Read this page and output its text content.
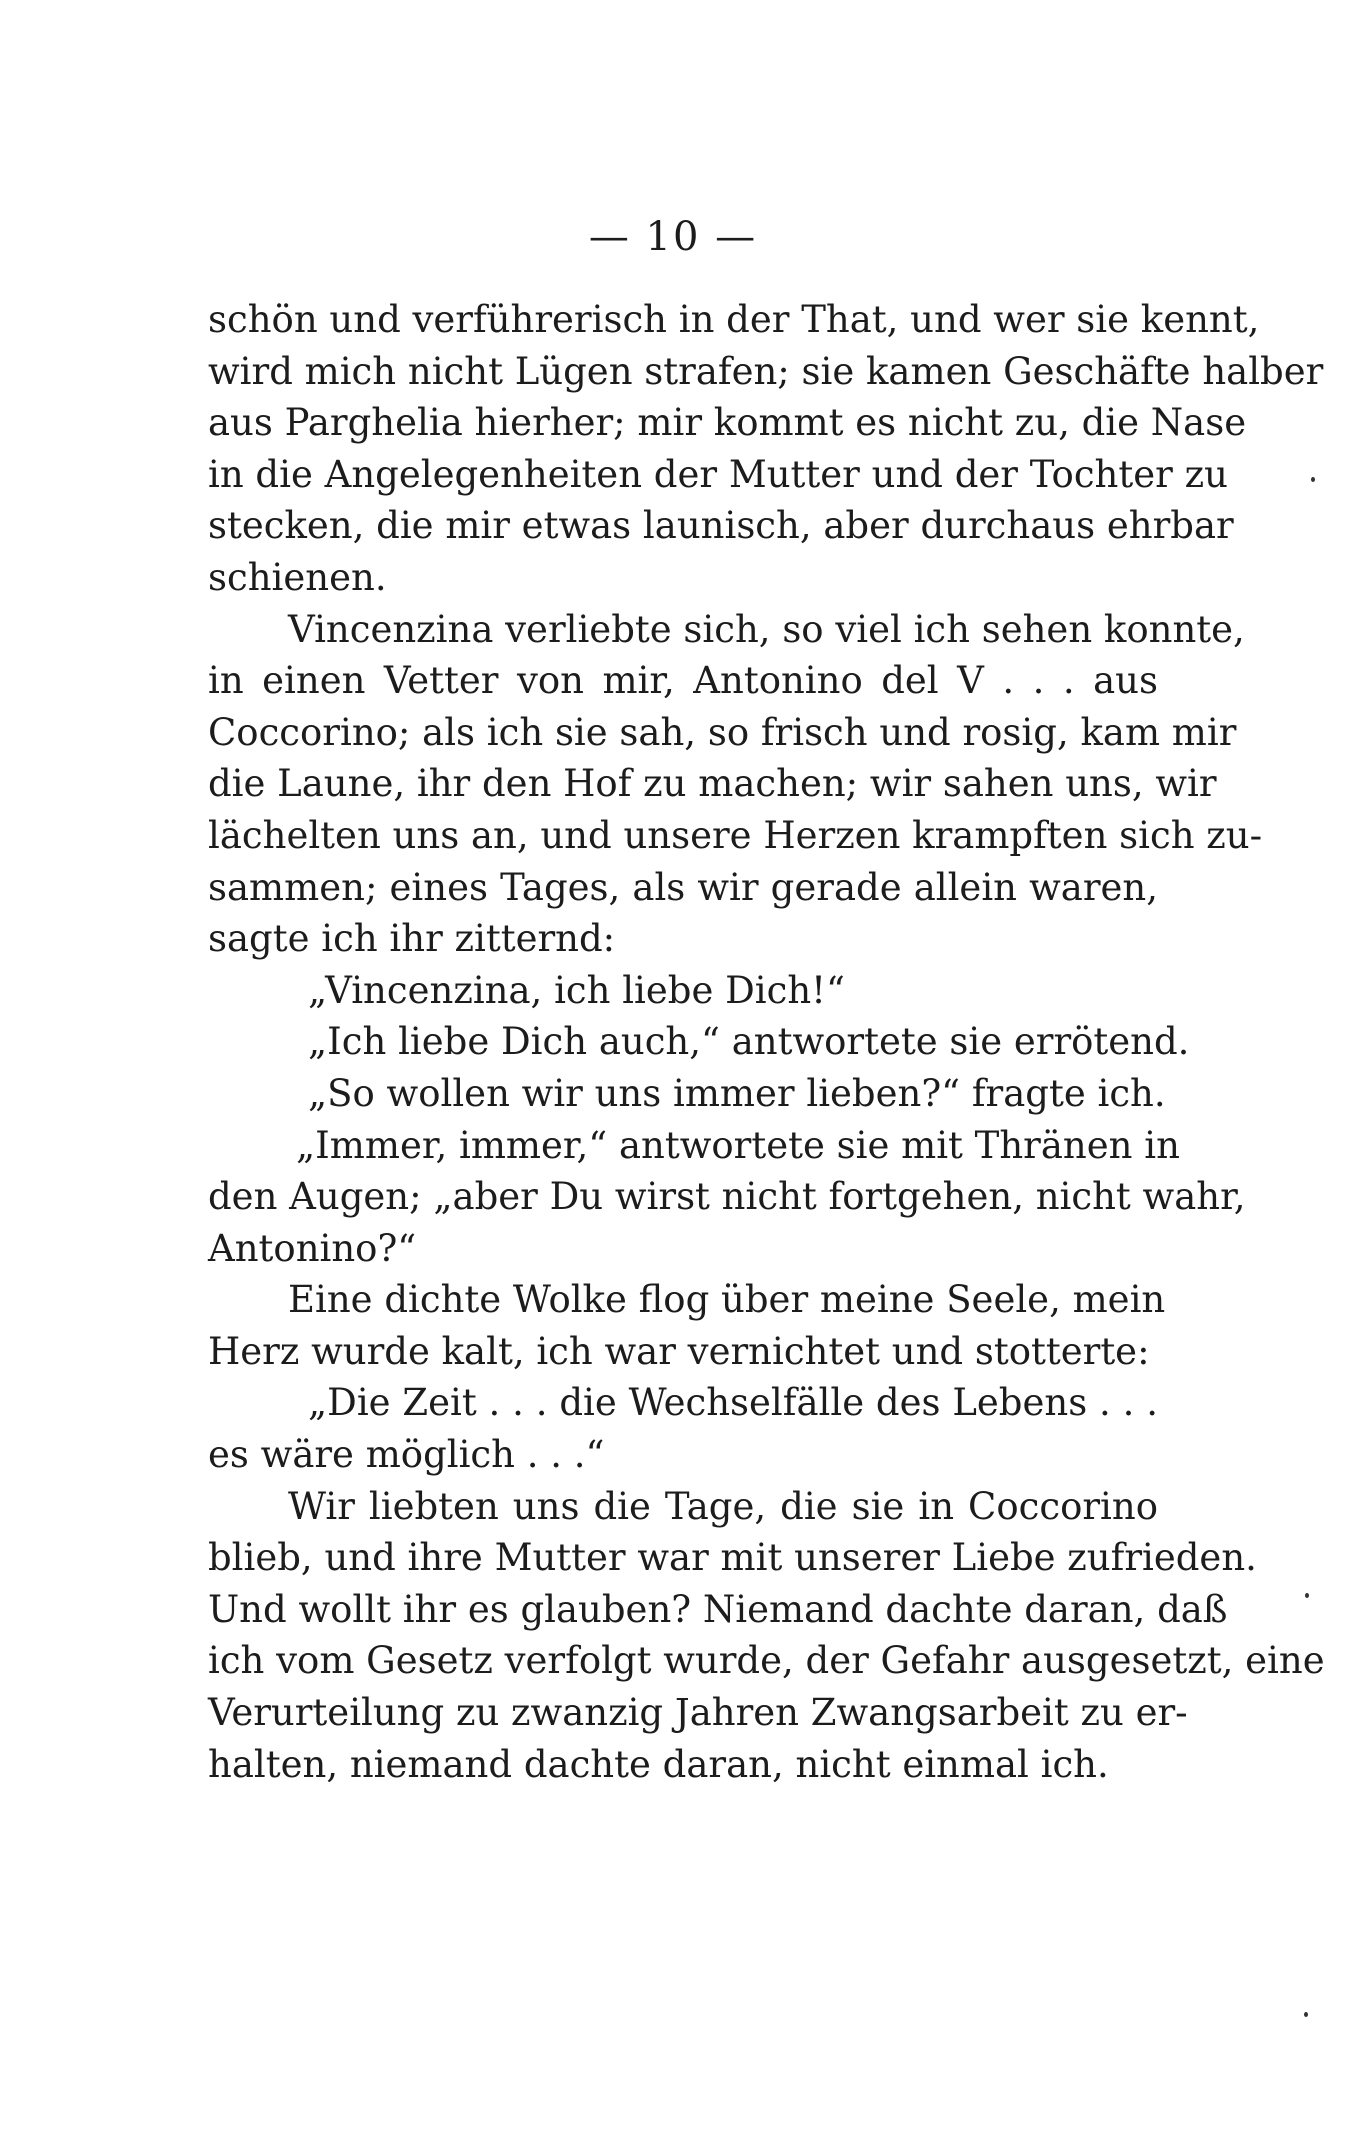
— 10 —
schön und verführerisch in der That, und wer sie kennt,
wird mich nicht Lügen strafen; sie kamen Geschäfte halber
aus Parghelia hierher; mir kommt es nicht zu, die Nase
in die Angelegenheiten der Mutter und der Tochter zu
stecken, die mir etwas launisch, aber durchaus ehrbar
schienen.
Vincenzina verliebte sich, so viel ich sehen konnte,
in einen Vetter von mir, Antonino del V . . . aus
Coccorino; als ich sie sah, so frisch und rosig, kam mir
die Laune, ihr den Hof zu machen; wir sahen uns, wir
lächelten uns an, und unsere Herzen krampften sich zu-
sammen; eines Tages, als wir gerade allein waren,
sagte ich ihr zitternd:
„Vincenzina, ich liebe Dich!“
„Ich liebe Dich auch,“ antwortete sie errötend.
„So wollen wir uns immer lieben?“ fragte ich.
„Immer, immer,“ antwortete sie mit Thränen in
den Augen; „aber Du wirst nicht fortgehen, nicht wahr,
Antonino?“
Eine dichte Wolke flog über meine Seele, mein
Herz wurde kalt, ich war vernichtet und stotterte:
„Die Zeit . . . die Wechselfälle des Lebens . . .
es wäre möglich . . .“
Wir liebten uns die Tage, die sie in Coccorino
blieb, und ihre Mutter war mit unserer Liebe zufrieden.
Und wollt ihr es glauben? Niemand dachte daran, daß
ich vom Gesetz verfolgt wurde, der Gefahr ausgesetzt, eine
Verurteilung zu zwanzig Jahren Zwangsarbeit zu er-
halten, niemand dachte daran, nicht einmal ich.
